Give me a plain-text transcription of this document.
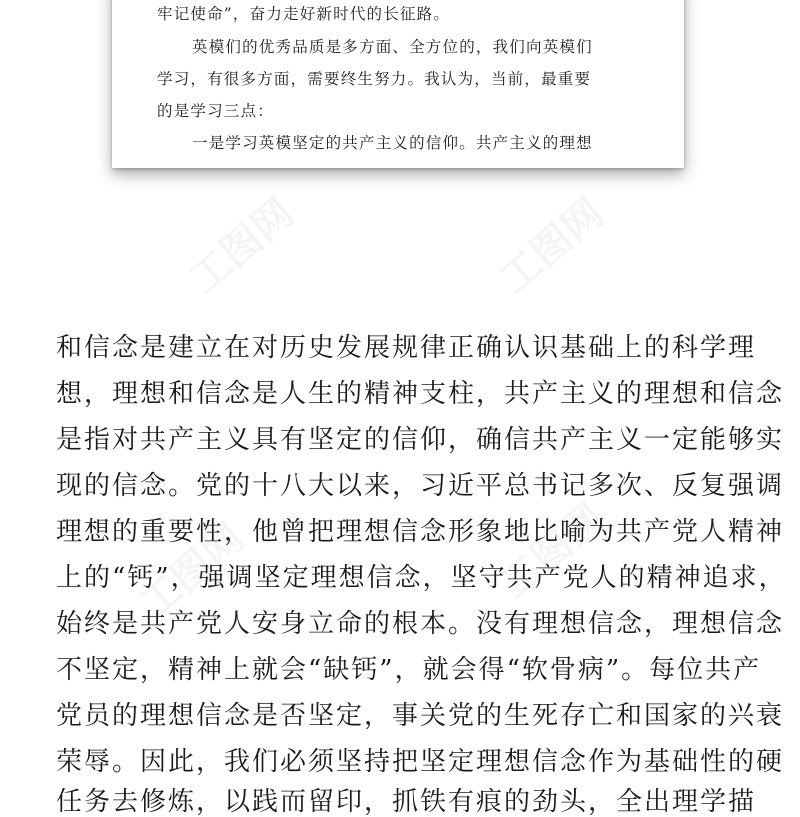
牢记使命”，奋力走好新时代的长征路。
英模们的优秀品质是多方面、全方位的，我们向英模们
学习，有很多方面，需要终生努力。我认为，当前，最重要
的是学习三点：
一是学习英模坚定的共产主义的信仰。共产主义的理想
和信念是建立在对历史发展规律正确认识基础上的科学理
想，理想和信念是人生的精神支柱，共产主义的理想和信念
是指对共产主义具有坚定的信仰，确信共产主义一定能够实
现的信念。党的十八大以来，习近平总书记多次、反复强调
理想的重要性，他曾把理想信念形象地比喻为共产党人精神
上的“钙”，强调坚定理想信念，坚守共产党人的精神追求，
始终是共产党人安身立命的根本。没有理想信念，理想信念
不坚定，精神上就会“缺钙”，就会得“软骨病”。每位共产
党员的理想信念是否坚定，事关党的生死存亡和国家的兴衰
荣辱。因此，我们必须坚持把坚定理想信念作为基础性的硬
任务去修炼，以践而留印，抓铁有痕的劲头，全出理学描
